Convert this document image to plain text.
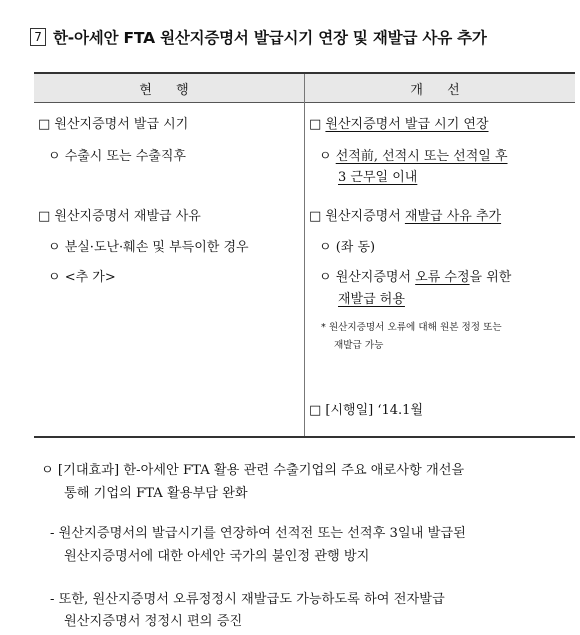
7 한-아세안 FTA 원산지증명서 발급시기 연장 및 재발급 사유 추가
현 행	개 선
□ 원산지증명서 발급 시기
ㅇ 수출시 또는 수출직후
□ 원산지증명서 재발급 사유
ㅇ 분실·도난·훼손 및 부득이한 경우
ㅇ <추 가>
□ 원산지증명서 발급 시기 연장
ㅇ 선적前, 선적시 또는 선적일 후
3 근무일 이내
□ 원산지증명서 재발급 사유 추가
ㅇ (좌 동)
ㅇ 원산지증명서 오류 수정을 위한
재발급 허용
* 원산지증명서 오류에 대해 원본 정정 또는
재발급 가능
□ [시행일] ‘14.1월
ㅇ [기대효과] 한-아세안 FTA 활용 관련 수출기업의 주요 애로사항 개선을
통해 기업의 FTA 활용부담 완화
- 원산지증명서의 발급시기를 연장하여 선적전 또는 선적후 3일내 발급된
원산지증명서에 대한 아세안 국가의 불인정 관행 방지
- 또한, 원산지증명서 오류정정시 재발급도 가능하도록 하여 전자발급
원산지증명서 정정시 편의 증진
